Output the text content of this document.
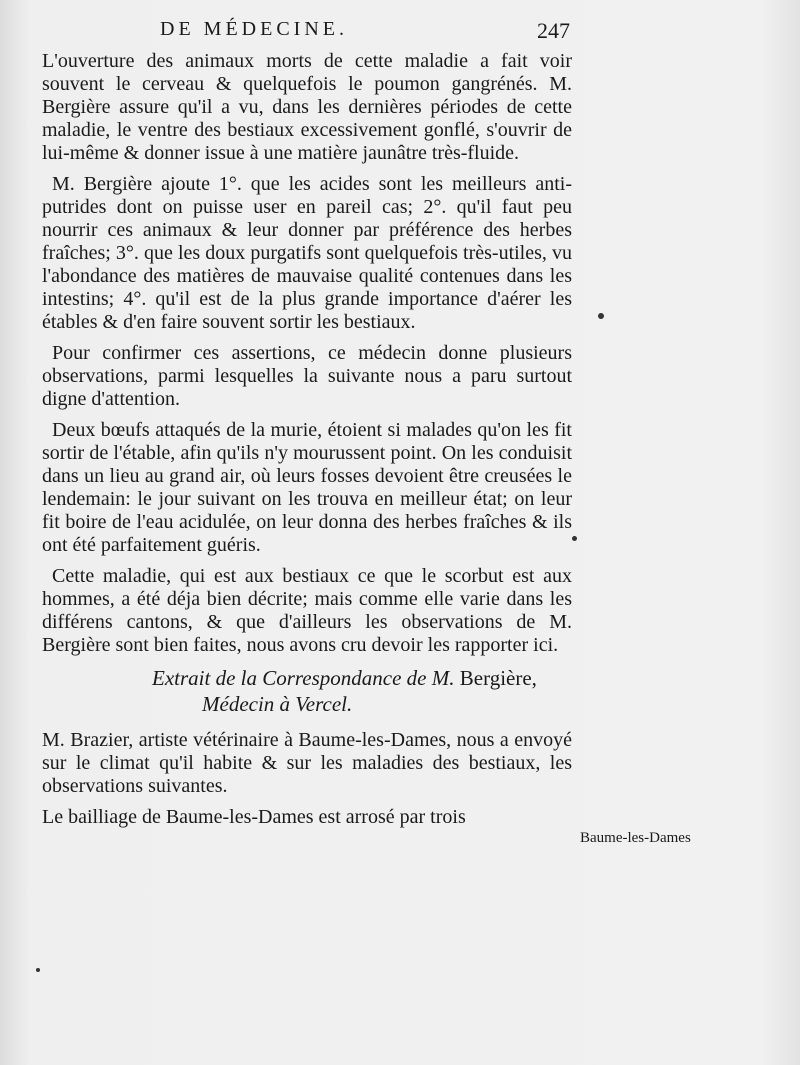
DE MÉDECINE.	247

L'ouverture des animaux morts de cette maladie a fait voir souvent le cerveau & quelquefois le poumon gangrénés. M. Bergière assure qu'il a vu, dans les dernières périodes de cette maladie, le ventre des bestiaux excessivement gonflé, s'ouvrir de lui-même & donner issue à une matière jaunâtre très-fluide.

M. Bergière ajoute 1°. que les acides sont les meilleurs anti-putrides dont on puisse user en pareil cas; 2°. qu'il faut peu nourrir ces animaux & leur donner par préférence des herbes fraîches; 3°. que les doux purgatifs sont quelquefois très-utiles, vu l'abondance des matières de mauvaise qualité contenues dans les intestins; 4°. qu'il est de la plus grande importance d'aérer les étables & d'en faire souvent sortir les bestiaux.

Pour confirmer ces assertions, ce médecin donne plusieurs observations, parmi lesquelles la suivante nous a paru surtout digne d'attention.

Deux bœufs attaqués de la murie, étoient si malades qu'on les fit sortir de l'étable, afin qu'ils n'y mourussent point. On les conduisit dans un lieu au grand air, où leurs fosses devoient être creusées le lendemain: le jour suivant on les trouva en meilleur état; on leur fit boire de l'eau acidulée, on leur donna des herbes fraîches & ils ont été parfaitement guéris.

Cette maladie, qui est aux bestiaux ce que le scorbut est aux hommes, a été déja bien décrite; mais comme elle varie dans les différens cantons, & que d'ailleurs les observations de M. Bergière sont bien faites, nous avons cru devoir les rapporter ici.

Extrait de la Correspondance de M. Bergière,
Médecin à Vercel.

M. Brazier, artiste vétérinaire à Baume-les-Dames, nous a envoyé sur le climat qu'il habite & sur les maladies des bestiaux, les observations suivantes.

Le bailliage de Baume-les-Dames est arrosé par trois

Baume-les-Dames
